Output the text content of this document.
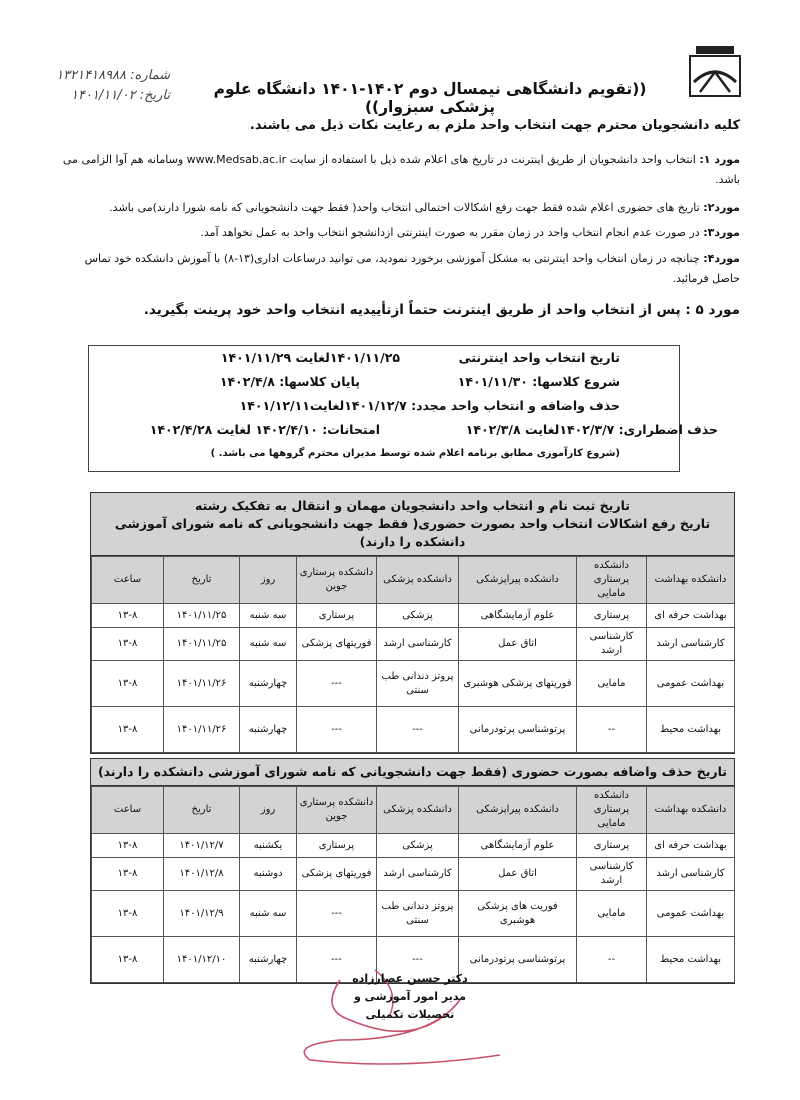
شماره: ۱۳۲۱۴۱۸۹۸۸
تاریخ: ۱۴۰۱/۱۱/۰۲	((تقویم دانشگاهی نیمسال دوم ۱۴۰۲-۱۴۰۱ دانشگاه علوم پزشکی سبزوار))
کلیه دانشجویان محترم جهت انتخاب واحد ملزم به رعایت نکات ذیل می باشند.
مورد ۱: انتخاب واحد دانشجویان از طریق اینترنت در تاریخ های اعلام شده ذیل با استفاده از سایت www.Medsab.ac.ir وسامانه هم آوا الزامی می باشد.
مورد۲: تاریخ های حضوری اعلام شده فقط جهت رفع اشکالات احتمالی انتخاب واحد( فقط جهت دانشجویانی که نامه شورا دارند)می باشد.
مورد۳: در صورت عدم انجام انتخاب واحد در زمان مقرر به صورت اینترنتی ازدانشجو انتخاب واحد به عمل نخواهد آمد.
مورد۴: چنانچه در زمان انتخاب واحد اینترنتی به مشکل آموزشی برخورد نمودید، می توانید درساعات اداری(۱۳-۸) با آموزش دانشکده خود تماس حاصل فرمائید.
مورد ۵ : پس از انتخاب واحد از طریق اینترنت حتماً ازتأییدیه انتخاب واحد خود پرینت بگیرید.
تاریخ انتخاب واحد اینترنتی
۱۴۰۱/۱۱/۲۵لغایت ۱۴۰۱/۱۱/۲۹
شروع کلاسها: ۱۴۰۱/۱۱/۳۰
پایان کلاسها: ۱۴۰۲/۴/۸
حذف واضافه و انتخاب واحد مجدد: ۱۴۰۱/۱۲/۷لغایت۱۴۰۱/۱۲/۱۱
حذف اضطراری: ۱۴۰۲/۳/۷لغایت ۱۴۰۲/۳/۸
امتحانات: ۱۴۰۲/۴/۱۰ لغایت ۱۴۰۲/۴/۲۸
(شروع کارآموزی مطابق برنامه اعلام شده توسط مدیران محترم گروهها می باشد. )
تاریخ ثبت نام و انتخاب واحد دانشجویان مهمان و انتقال به تفکیک رشته
تاریخ رفع اشکالات انتخاب واحد بصورت حضوری( فقط جهت دانشجویانی که نامه شورای آموزشی دانشکده را دارند)
دانشکده بهداشت	دانشکده پرستاری مامایی	دانشکده پیراپزشکی	دانشکده پزشکی	دانشکده پرستاری جوین	روز	تاریخ	ساعت
بهداشت حرفه ای	پرستاری	علوم آزمایشگاهی	پزشکی	پرستاری	سه شنبه	۱۴۰۱/۱۱/۲۵	۱۳-۸
کارشناسی ارشد	کارشناسی ارشد	اتاق عمل	کارشناسی ارشد	فوریتهای پزشکی	سه شنبه	۱۴۰۱/۱۱/۲۵	۱۳-۸
بهداشت عمومی	مامایی	فوریتهای پزشکی هوشبری	پروتز دندانی طب سنتی	---	چهارشنبه	۱۴۰۱/۱۱/۲۶	۱۳-۸
بهداشت محیط	--	پرتوشناسی پرتودرمانی	---	---	چهارشنبه	۱۴۰۱/۱۱/۲۶	۱۳-۸
تاریخ حذف واضافه بصورت حضوری (فقط جهت دانشجویانی که نامه شورای آموزشی دانشکده را دارند)
دانشکده بهداشت	دانشکده پرستاری مامایی	دانشکده پیراپزشکی	دانشکده پزشکی	دانشکده پرستاری جوین	روز	تاریخ	ساعت
بهداشت حرفه ای	پرستاری	علوم آزمایشگاهی	پزشکی	پرستاری	یکشنبه	۱۴۰۱/۱۲/۷	۱۳-۸
کارشناسی ارشد	کارشناسی ارشد	اتاق عمل	کارشناسی ارشد	فوریتهای پزشکی	دوشنبه	۱۴۰۱/۱۲/۸	۱۳-۸
بهداشت عمومی	مامایی	فوریت های پزشکی هوشبری	پروتز دندانی طب سنتی	---	سه شنبه	۱۴۰۱/۱۲/۹	۱۳-۸
بهداشت محیط	--	پرتوشناسی پرتودرمانی	---	---	چهارشنبه	۱۴۰۱/۱۲/۱۰	۱۳-۸
دکتر حسین عصارزاده
مدیر امور آموزشی و تحصیلات تکمیلی
